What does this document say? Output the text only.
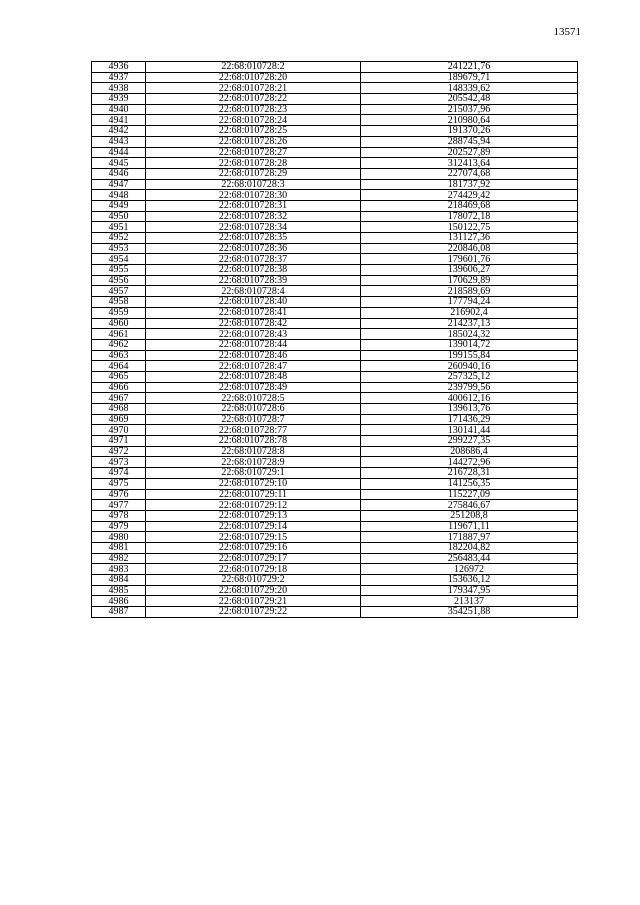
13571
4936	22:68:010728:2	241221,76
4937	22:68:010728:20	189679,71
4938	22:68:010728:21	148339,62
4939	22:68:010728:22	205542,48
4940	22:68:010728:23	215037,96
4941	22:68:010728:24	210980,64
4942	22:68:010728:25	191370,26
4943	22:68:010728:26	288745,94
4944	22:68:010728:27	202527,89
4945	22:68:010728:28	312413,64
4946	22:68:010728:29	227074,68
4947	22:68:010728:3	181737,92
4948	22:68:010728:30	274429,42
4949	22:68:010728:31	218469,68
4950	22:68:010728:32	178072,18
4951	22:68:010728:34	150122,75
4952	22:68:010728:35	131127,36
4953	22:68:010728:36	220846,08
4954	22:68:010728:37	179601,76
4955	22:68:010728:38	139606,27
4956	22:68:010728:39	170629,89
4957	22:68:010728:4	218589,69
4958	22:68:010728:40	177794,24
4959	22:68:010728:41	216902,4
4960	22:68:010728:42	214237,13
4961	22:68:010728:43	185024,32
4962	22:68:010728:44	139014,72
4963	22:68:010728:46	199155,84
4964	22:68:010728:47	260940,16
4965	22:68:010728:48	257325,12
4966	22:68:010728:49	239799,56
4967	22:68:010728:5	400612,16
4968	22:68:010728:6	139613,76
4969	22:68:010728:7	171436,29
4970	22:68:010728:77	130141,44
4971	22:68:010728:78	299227,35
4972	22:68:010728:8	208686,4
4973	22:68:010728:9	144272,96
4974	22:68:010729:1	216728,31
4975	22:68:010729:10	141256,35
4976	22:68:010729:11	115227,09
4977	22:68:010729:12	275846,67
4978	22:68:010729:13	251208,8
4979	22:68:010729:14	119671,11
4980	22:68:010729:15	171887,97
4981	22:68:010729:16	182204,82
4982	22:68:010729:17	256483,44
4983	22:68:010729:18	126972
4984	22:68:010729:2	153636,12
4985	22:68:010729:20	179347,95
4986	22:68:010729:21	213137
4987	22:68:010729:22	354251,88
